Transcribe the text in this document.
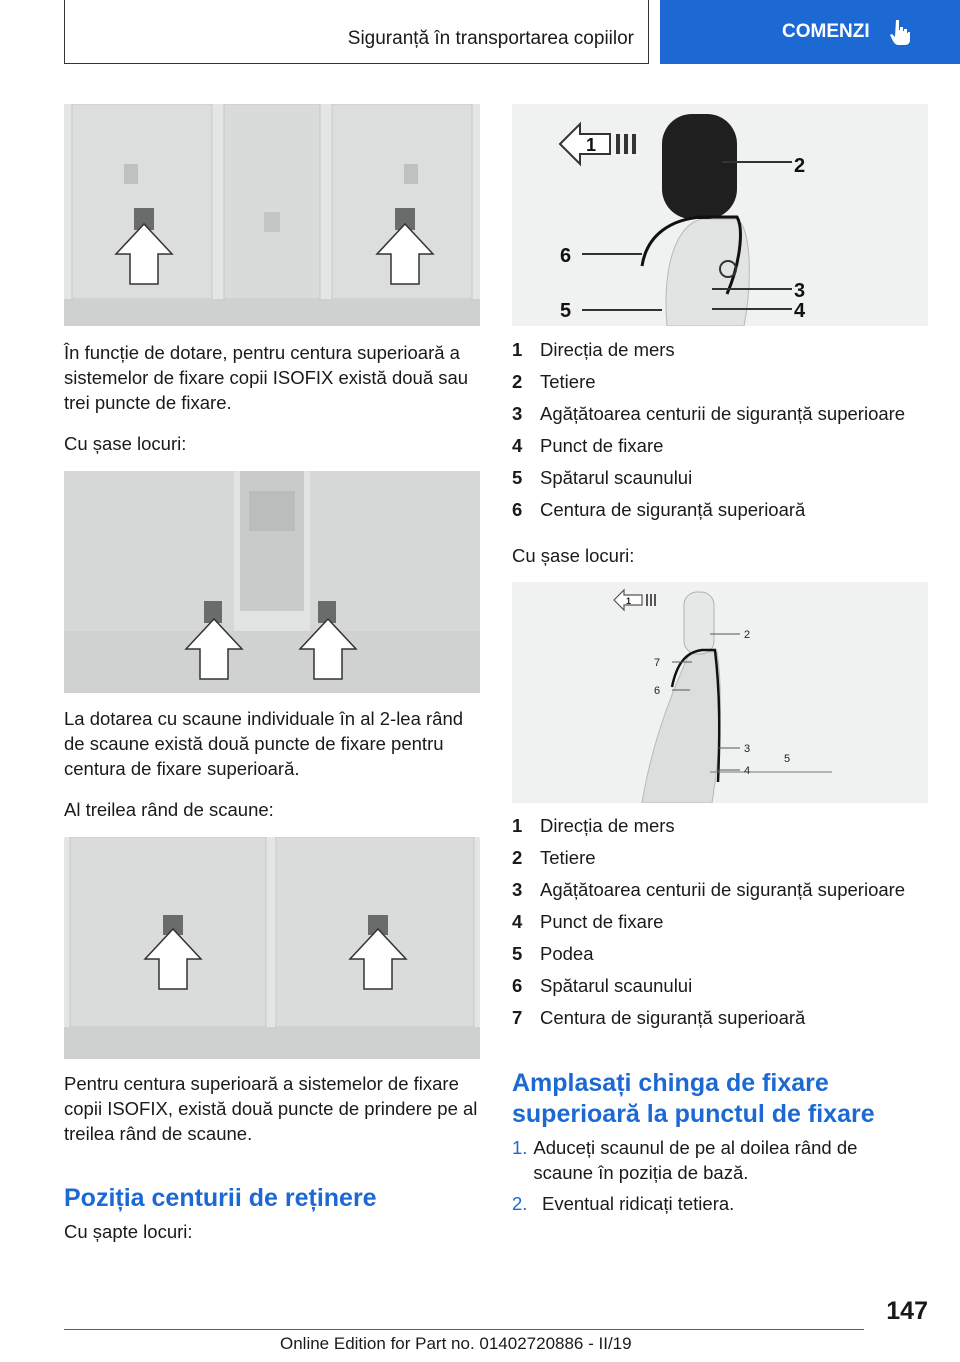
Siguranță în transportarea copiilor	COMENZI

În funcție de dotare, pentru centura superioară a sistemelor de fixare copii ISOFIX există două sau trei puncte de fixare.

Cu șase locuri:

La dotarea cu scaune individuale în al 2-lea rând de scaune există două puncte de fixare pentru centura de fixare superioară.

Al treilea rând de scaune:

Pentru centura superioară a sistemelor de fixare copii ISOFIX, există două puncte de prindere pe al treilea rând de scaune.

Poziția centurii de reținere

Cu șapte locuri:

1
2
6
3
4
5
1 Direcția de mers
2 Tetiere
3 Agățătoarea centurii de siguranță superioare
4 Punct de fixare
5 Spătarul scaunului
6 Centura de siguranță superioară

Cu șase locuri:

1
2
7
6
3
5
4
1 Direcția de mers
2 Tetiere
3 Agățătoarea centurii de siguranță superioare
4 Punct de fixare
5 Podea
6 Spătarul scaunului
7 Centura de siguranță superioară
Amplasați chinga de fixare superioară la punctul de fixare
1. Aduceți scaunul de pe al doilea rând de scaune în poziția de bază.
2. Eventual ridicați tetiera.
147
Online Edition for Part no. 01402720886 - II/19
